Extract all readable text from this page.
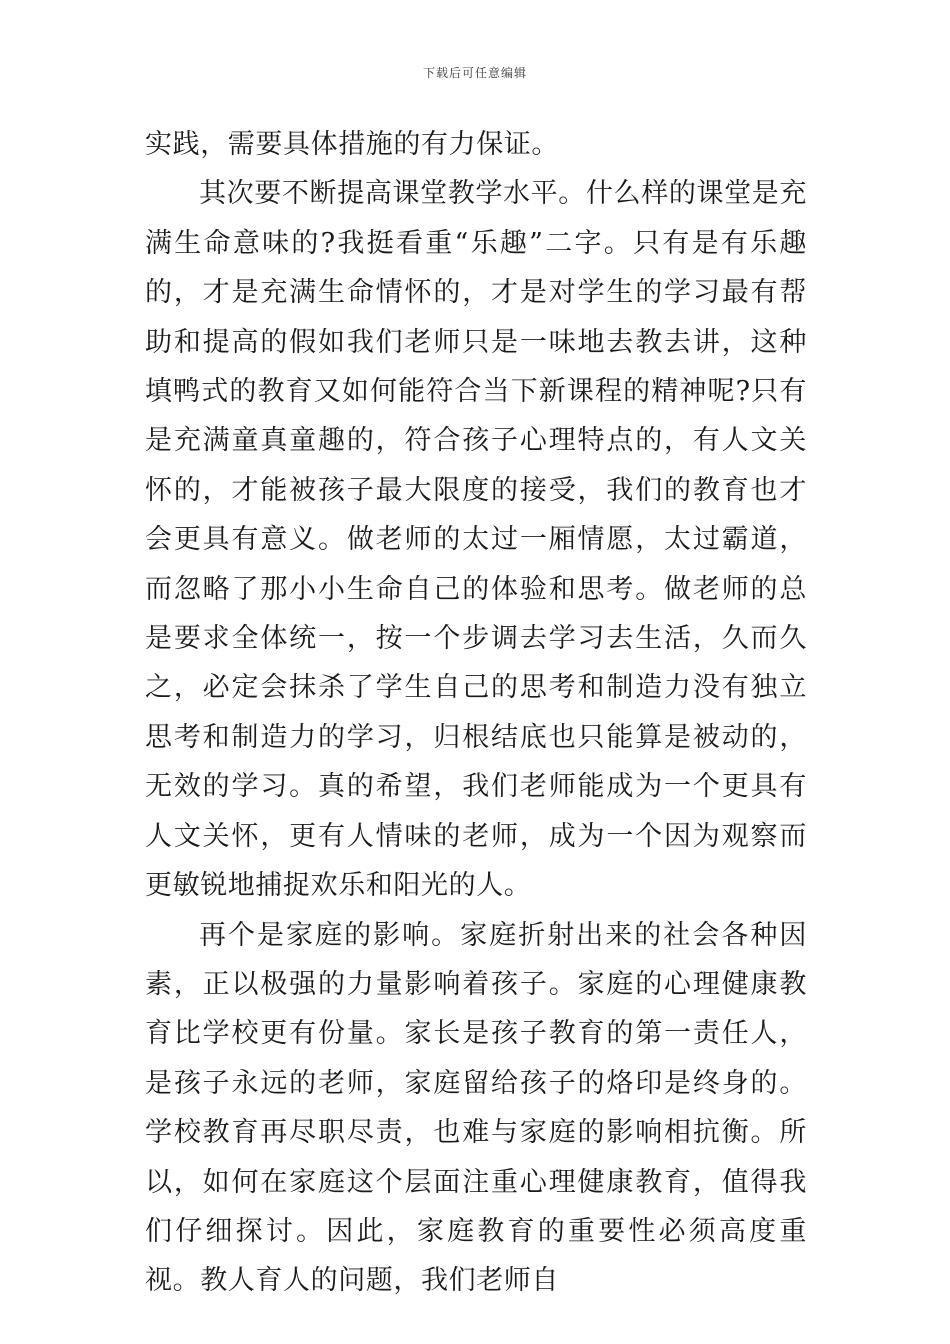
下载后可任意编辑

实践，需要具体措施的有力保证。

其次要不断提高课堂教学水平。什么样的课堂是充满生命意味的?我挺看重“乐趣”二字。只有是有乐趣的，才是充满生命情怀的，才是对学生的学习最有帮助和提高的假如我们老师只是一味地去教去讲，这种填鸭式的教育又如何能符合当下新课程的精神呢?只有是充满童真童趣的，符合孩子心理特点的，有人文关怀的，才能被孩子最大限度的接受，我们的教育也才会更具有意义。做老师的太过一厢情愿，太过霸道，而忽略了那小小生命自己的体验和思考。做老师的总是要求全体统一，按一个步调去学习去生活，久而久之，必定会抹杀了学生自己的思考和制造力没有独立思考和制造力的学习，归根结底也只能算是被动的，无效的学习。真的希望，我们老师能成为一个更具有人文关怀，更有人情味的老师，成为一个因为观察而更敏锐地捕捉欢乐和阳光的人。

再个是家庭的影响。家庭折射出来的社会各种因素，正以极强的力量影响着孩子。家庭的心理健康教育比学校更有份量。家长是孩子教育的第一责任人，是孩子永远的老师，家庭留给孩子的烙印是终身的。学校教育再尽职尽责，也难与家庭的影响相抗衡。所以，如何在家庭这个层面注重心理健康教育，值得我们仔细探讨。因此，家庭教育的重要性必须高度重视。教人育人的问题，我们老师自
